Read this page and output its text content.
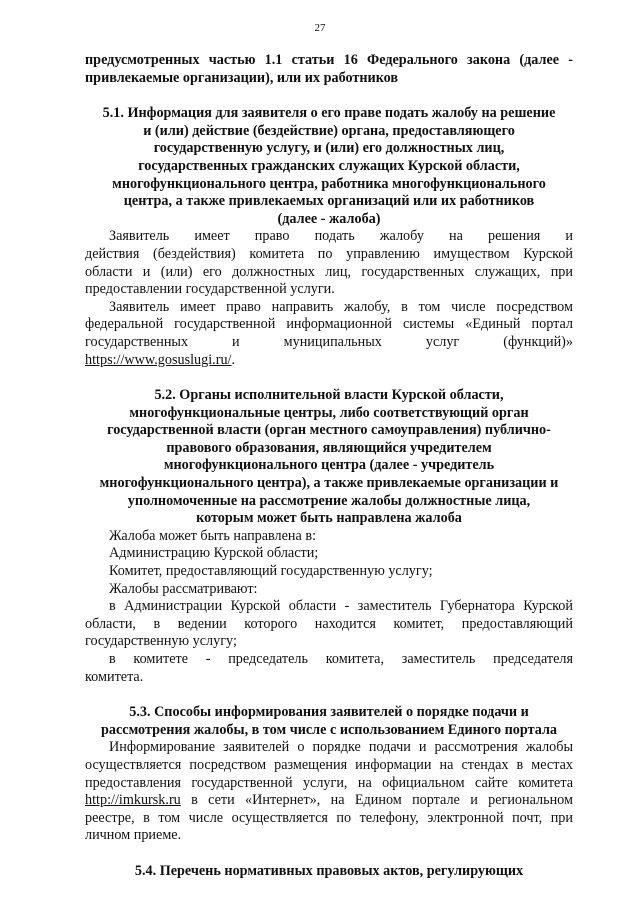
27

предусмотренных частью 1.1 статьи 16 Федерального закона (далее -

привлекаемые организации), или их работников

5.1. Информация для заявителя о его праве подать жалобу на решение

и (или) действие (бездействие) органа, предоставляющего

государственную услугу, и (или) его должностных лиц,

государственных гражданских служащих Курской области,

многофункционального центра, работника многофункционального

центра, а также привлекаемых организаций или их работников

(далее - жалоба)

Заявитель имеет право подать жалобу на решения и

действия (бездействия) комитета по управлению имуществом Курской

области и (или) его должностных лиц, государственных служащих, при

предоставлении государственной услуги.

Заявитель имеет право направить жалобу, в том числе посредством

федеральной государственной информационной системы «Единый портал

государственных и муниципальных услуг (функций)»

https://www.gosuslugi.ru/.

5.2. Органы исполнительной власти Курской области,

многофункциональные центры, либо соответствующий орган

государственной власти (орган местного самоуправления) публично-

правового образования, являющийся учредителем

многофункционального центра (далее - учредитель

многофункционального центра), а также привлекаемые организации и

уполномоченные на рассмотрение жалобы должностные лица,

которым может быть направлена жалоба

Жалоба может быть направлена в:

Администрацию Курской области;

Комитет, предоставляющий государственную услугу;

Жалобы рассматривают:

в Администрации Курской области - заместитель Губернатора Курской

области, в ведении которого находится комитет, предоставляющий

государственную услугу;

в комитете - председатель комитета, заместитель председателя

комитета.

5.3. Способы информирования заявителей о порядке подачи и

рассмотрения жалобы, в том числе с использованием Единого портала

Информирование заявителей о порядке подачи и рассмотрения жалобы

осуществляется посредством размещения информации на стендах в местах

предоставления государственной услуги, на официальном сайте комитета

http://imkursk.ru в сети «Интернет», на Едином портале и региональном

реестре, в том числе осуществляется по телефону, электронной почт, при

личном приеме.

5.4. Перечень нормативных правовых актов, регулирующих
